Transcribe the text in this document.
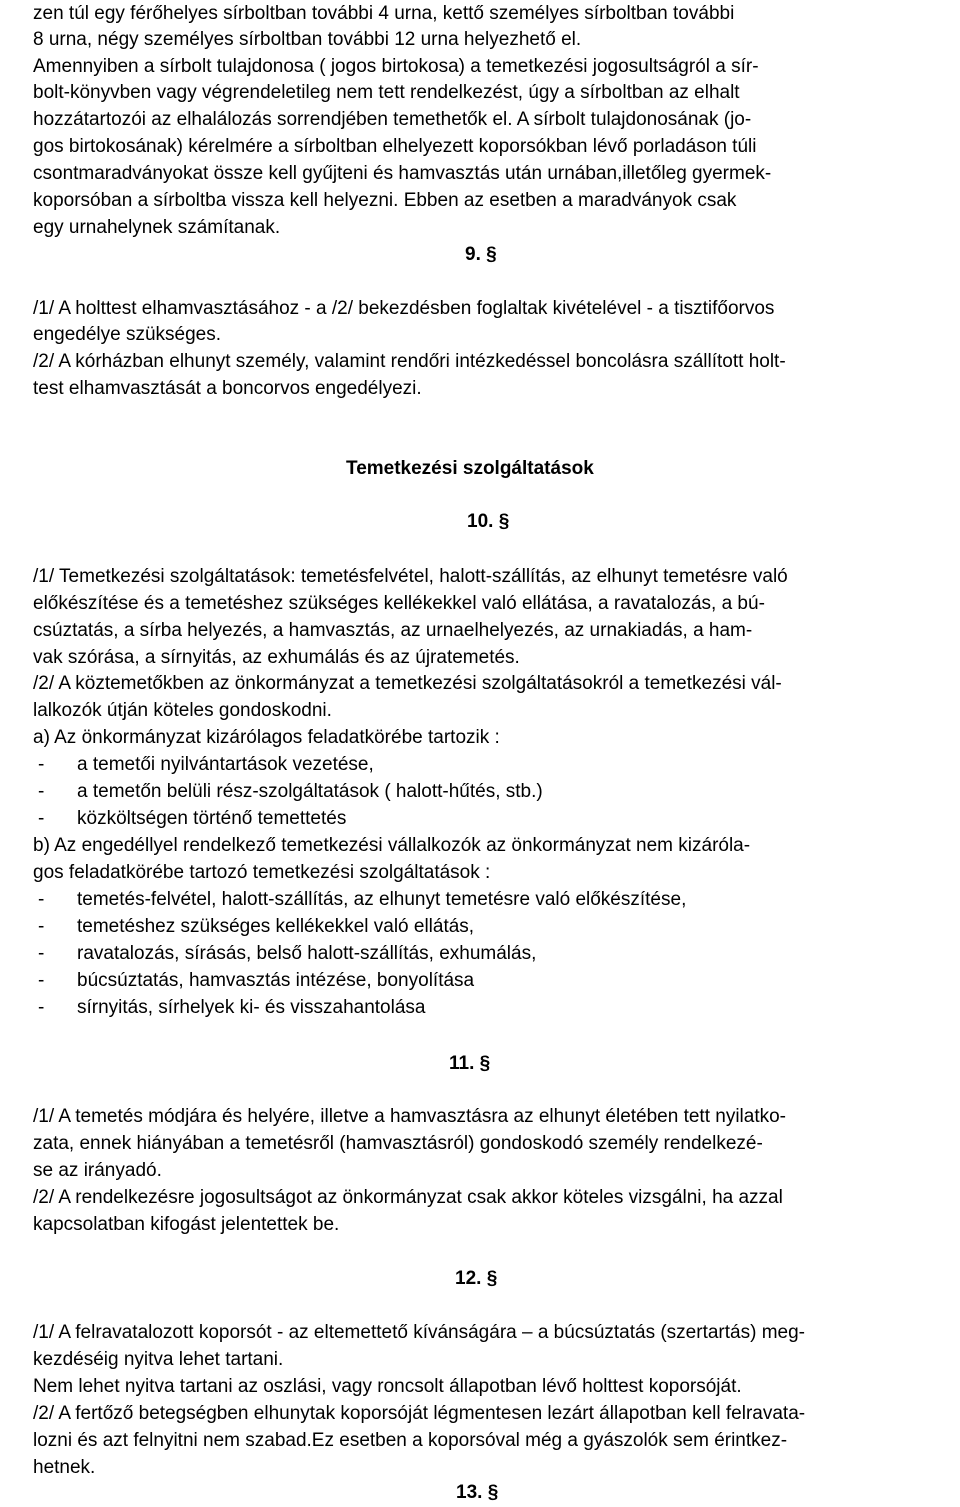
zen túl egy férőhelyes sírboltban további 4 urna, kettő személyes sírboltban további
8 urna, négy személyes sírboltban további 12 urna helyezhető el.
Amennyiben a sírbolt tulajdonosa ( jogos birtokosa) a temetkezési jogosultságról a sír-
bolt-könyvben vagy végrendeletileg nem tett rendelkezést, úgy a sírboltban az elhalt
hozzátartozói az elhalálozás sorrendjében temethetők el. A sírbolt tulajdonosának (jo-
gos birtokosának) kérelmére a sírboltban elhelyezett koporsókban lévő porladáson túli
csontmaradványokat össze kell gyűjteni és hamvasztás után urnában,illetőleg gyermek-
koporsóban a sírboltba vissza kell helyezni. Ebben az esetben a maradványok csak
egy urnahelynek számítanak.
9. §
/1/ A holttest elhamvasztásához - a /2/ bekezdésben foglaltak kivételével - a tisztifőorvos
engedélye szükséges.
/2/ A kórházban elhunyt személy, valamint rendőri intézkedéssel boncolásra szállított holt-
test elhamvasztását a boncorvos engedélyezi.
Temetkezési szolgáltatások
10. §
/1/ Temetkezési szolgáltatások: temetésfelvétel, halott-szállítás, az elhunyt temetésre való
előkészítése és a temetéshez szükséges kellékekkel való ellátása, a ravatalozás, a bú-
csúztatás, a sírba helyezés, a hamvasztás, az urnaelhelyezés, az urnakiadás, a ham-
vak szórása, a sírnyitás, az exhumálás és az újratemetés.
/2/ A köztemetőkben az önkormányzat a temetkezési szolgáltatásokról a temetkezési vál-
lalkozók útján köteles gondoskodni.
a) Az önkormányzat kizárólagos feladatkörébe tartozik :
- a temetői nyilvántartások vezetése,
- a temetőn belüli rész-szolgáltatások ( halott-hűtés, stb.)
- közköltségen történő temettetés
b) Az engedéllyel rendelkező temetkezési vállalkozók az önkormányzat nem kizáróla-
gos feladatkörébe tartozó temetkezési szolgáltatások :
- temetés-felvétel, halott-szállítás, az elhunyt temetésre való előkészítése,
- temetéshez szükséges kellékekkel való ellátás,
- ravatalozás, sírásás, belső halott-szállítás, exhumálás,
- búcsúztatás, hamvasztás intézése, bonyolítása
- sírnyitás, sírhelyek ki- és visszahantolása
11. §
/1/ A temetés módjára és helyére, illetve a hamvasztásra az elhunyt életében tett nyilatko-
zata, ennek hiányában a temetésről (hamvasztásról) gondoskodó személy rendelkezé-
se az irányadó.
/2/ A rendelkezésre jogosultságot az önkormányzat csak akkor köteles vizsgálni, ha azzal
kapcsolatban kifogást jelentettek be.
12. §
/1/ A felravatalozott koporsót - az eltemettető kívánságára – a búcsúztatás (szertartás) meg-
kezdéséig nyitva lehet tartani.
Nem lehet nyitva tartani az oszlási, vagy roncsolt állapotban lévő holttest koporsóját.
/2/ A fertőző betegségben elhunytak koporsóját légmentesen lezárt állapotban kell felravata-
lozni és azt felnyitni nem szabad.Ez esetben a koporsóval még a gyászolók sem érintkez-
hetnek.
13. §
